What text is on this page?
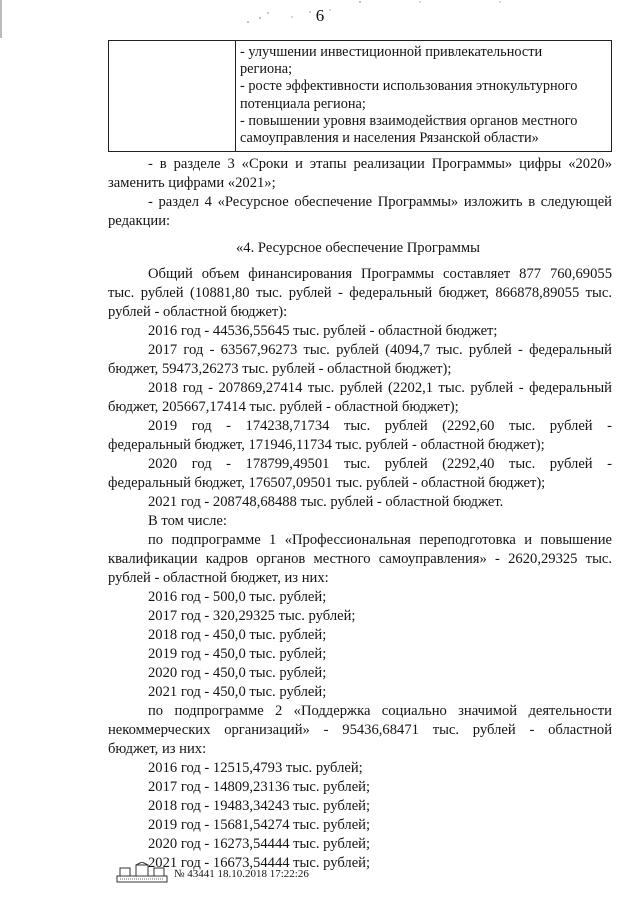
6

- улучшении инвестиционной привлекательности
региона;
- росте эффективности использования этнокультурного
потенциала региона;
- повышении уровня взаимодействия органов местного
самоуправления и населения Рязанской области»
- в разделе 3 «Сроки и этапы реализации Программы» цифры «2020»
заменить цифрами «2021»;
- раздел 4 «Ресурсное обеспечение Программы» изложить в следующей
редакции:
«4. Ресурсное обеспечение Программы
Общий объем финансирования Программы составляет 877 760,69055
тыс. рублей (10881,80 тыс. рублей - федеральный бюджет, 866878,89055 тыс.
рублей - областной бюджет):
2016 год - 44536,55645 тыс. рублей - областной бюджет;
2017 год - 63567,96273 тыс. рублей (4094,7 тыс. рублей - федеральный
бюджет, 59473,26273 тыс. рублей - областной бюджет);
2018 год - 207869,27414 тыс. рублей (2202,1 тыс. рублей - федеральный
бюджет, 205667,17414 тыс. рублей - областной бюджет);
2019 год - 174238,71734 тыс. рублей (2292,60 тыс. рублей -
федеральный бюджет, 171946,11734 тыс. рублей - областной бюджет);
2020 год - 178799,49501 тыс. рублей (2292,40 тыс. рублей -
федеральный бюджет, 176507,09501 тыс. рублей - областной бюджет);
2021 год - 208748,68488 тыс. рублей - областной бюджет.
В том числе:
по подпрограмме 1 «Профессиональная переподготовка и повышение
квалификации кадров органов местного самоуправления» - 2620,29325 тыс.
рублей - областной бюджет, из них:
2016 год - 500,0 тыс. рублей;
2017 год - 320,29325 тыс. рублей;
2018 год - 450,0 тыс. рублей;
2019 год - 450,0 тыс. рублей;
2020 год - 450,0 тыс. рублей;
2021 год - 450,0 тыс. рублей;
по подпрограмме 2 «Поддержка социально значимой деятельности
некоммерческих организаций» - 95436,68471 тыс. рублей - областной
бюджет, из них:
2016 год - 12515,4793 тыс. рублей;
2017 год - 14809,23136 тыс. рублей;
2018 год - 19483,34243 тыс. рублей;
2019 год - 15681,54274 тыс. рублей;
2020 год - 16273,54444 тыс. рублей;
2021 год - 16673,54444 тыс. рублей;
№ 43441 18.10.2018 17:22:26
